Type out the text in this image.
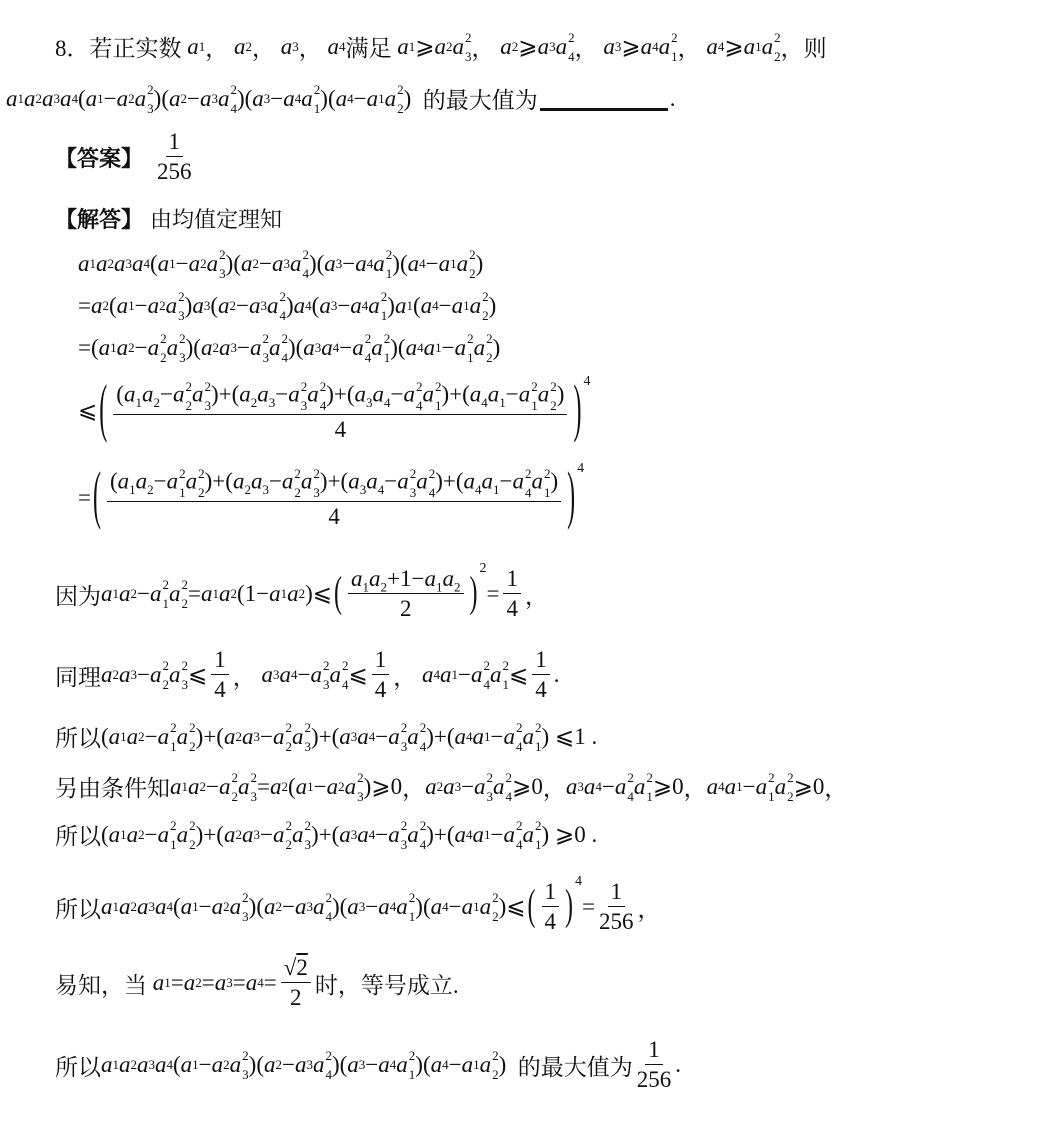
8． 若正实数
a 1 ， a 2 ， a 3 ， a 4 满足
a 1 ⩾ a 2 a 2
3 ， a 2 ⩾ a 3 a 2
4 ， a 3 ⩾ a 4 a 2
1 ， a 4 ⩾ a 1 a 2
2 ，则
a 1 a 2 a 3 a 4 ( a 1 − a 2 a 2
3 )( a 2 − a 3 a 2
4 )( a 3 − a 4 a 2
1 )( a 4 − a 1 a 2
2 ) 的最大值为	.
【答案】 $\frac{1}{256}$
【解答】
由均值定理知
a 1 a 2 a 3 a 4 ( a 1 − a 2 a 2
3 )( a 2 − a 3 a 2
4 )( a 3 − a 4 a 2
1 )( a 4 − a 1 a 2
2 )
= a 2 ( a 1 − a 2 a 2
3 ) a 3 ( a 2 − a 3 a 2
4 ) a 4 ( a 3 − a 4 a 2
1 ) a 1 ( a 4 − a 1 a 2
2 )
=( a 1 a 2 − a 2
2 a 2
3 )( a 2 a 3 − a 2
3 a 2
4 )( a 3 a 4 − a 2
4 a 2
1 )( a 4 a 1 − a 2
1 a 2
2 )
⩽ ( ($a_1a_2-a$ 2
2 a 2
3 )$+(a_2a_3-a$ 2
3 a 2
4 )$+(a_3a_4-a$ 2
4 a 2
1 )$+(a_4a_1-a$ 2
1 a 2
2 )
4 ) 4
= ( ($a_1a_2-a$ 2
1 a 2
2 )$+(a_2a_3-a$ 2
2 a 2
3 )$+(a_3a_4-a$ 2
3 a 2
4 )$+(a_4a_1-a$ 2
4 a 2
1 )
4 ) 4
因为 a 1 a 2 − a 2
1 a 2
2 = a 1 a 2 (1− a 1 a 2 )⩽ ( $\frac{a_1a_2+1-a_1a_2}{2}$ )
2
= $\frac{1}{4}$ ，
同理 a 2 a 3 − a 2
2 a 2
3 ⩽ $\frac{1}{4}$ ， a 3 a 4 − a 2
3 a 2
4 ⩽ $\frac{1}{4}$ ， a 4 a 1 − a 2
4 a 2
1 ⩽ $\frac{1}{4}$ .
所以 ( a 1 a 2 − a 2
1 a 2
2 )+( a 2 a 3 − a 2
2 a 2
3 )+( a 3 a 4 − a 2
3 a 2
4 )+( a 4 a 1 − a 2
4 a 2
1 ) ⩽ 1 .
另由条件知 a 1 a 2 − a 2
2 a 2
3 = a 2 ( a 1 − a 2 a 2
3 )⩾ 0 ， a 2 a 3 − a 2
3 a 2
4 ⩾ 0 ， a 3 a 4 − a 2
4 a 2
1 ⩾ 0 ， a 4 a 1 − a 2
1 a 2
2 ⩾ 0 ，
所以 ( a 1 a 2 − a 2
1 a 2
2 )+( a 2 a 3 − a 2
2 a 2
3 )+( a 3 a 4 − a 2
3 a 2
4 )+( a 4 a 1 − a 2
4 a 2
1 ) ⩾ 0 .
所以 a 1 a 2 a 3 a 4 ( a 1 − a 2 a 2
3 )( a 2 − a 3 a 2
4 )( a 3 − a 4 a 2
1 )( a 4 − a 1 a 2
2 )⩽ ( $\frac{1}{4}$ )
4
= $\frac{1}{256}$ ，
易知，当
a 1 = a 2 = a 3 = a $4 = \frac{√2}{2}$ 时，等号成立.
所以 a 1 a 2 a 3 a 4 ( a 1 − a 2 a 2
3 )( a 2 − a 3 a 2
4 )( a 3 − a 4 a 2
1 )( a 4 − a 1 a 2
2 ) 的最大值为 $\frac{1}{256}$ .
